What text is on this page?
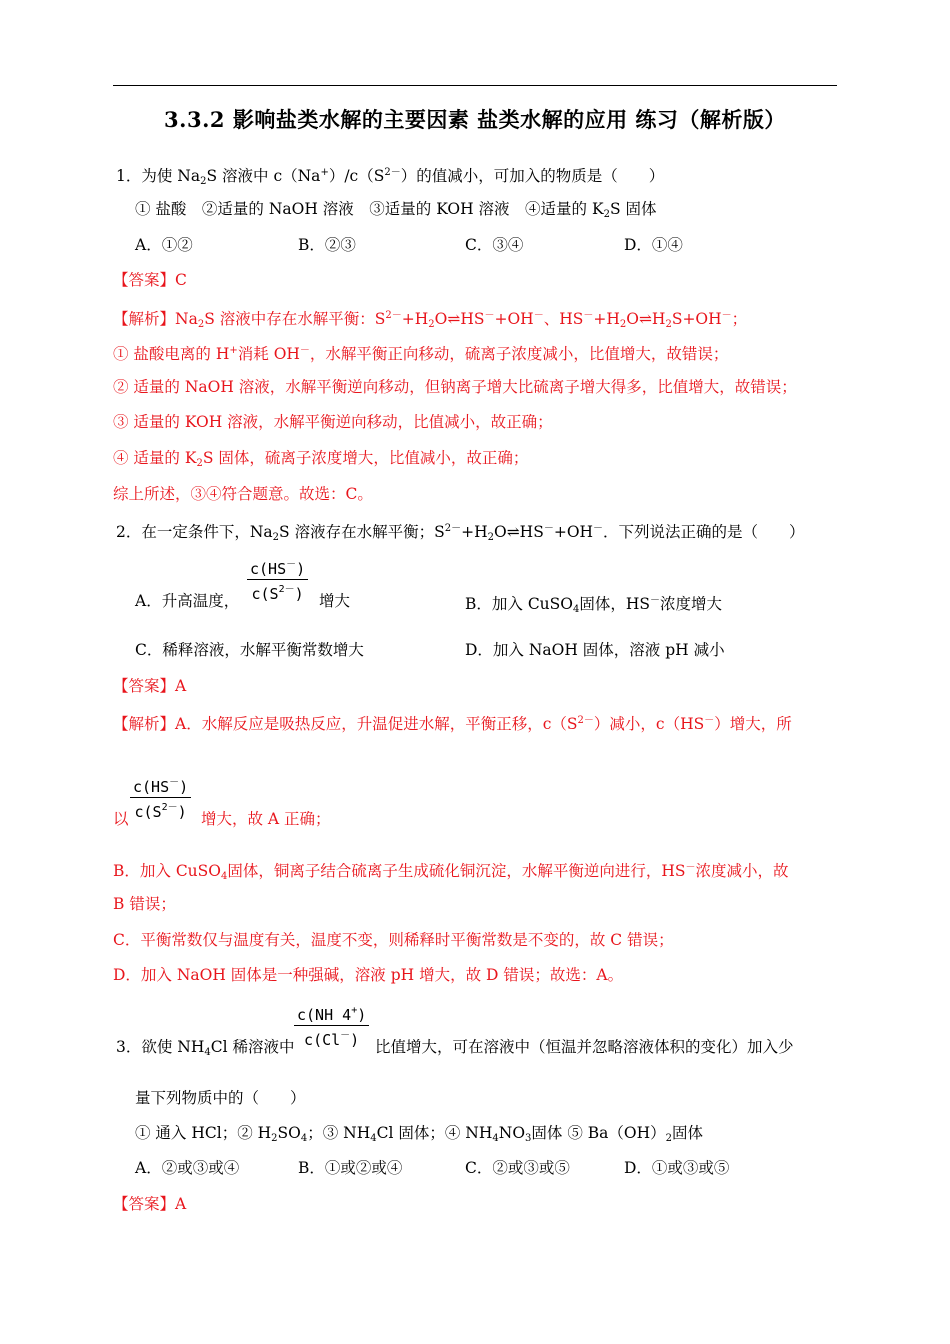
3.3.2 影响盐类水解的主要因素 盐类水解的应用 练习（解析版）
1．为使 $Na_2S$ 溶液中 $c(Na^+)/c(S^{2-})$的值减小，可加入的物质是（　　）
① 盐酸　②适量的 NaOH 溶液　③适量的 KOH 溶液　④适量的 $K_2S$ 固体
A．①②	B．②③	C．③④	D．①④
【答案】C
【解析】$Na_2S$ 溶液中存在水解平衡：$S^{2-}+H_2O\rightleftharpoons HS^-+OH^-$、$HS^-+H_2O\rightleftharpoons H_2S+OH^-$；
① 盐酸电离的 H+消耗 OH－，水解平衡正向移动，硫离子浓度减小，比值增大，故错误；
② 适量的 NaOH 溶液，水解平衡逆向移动，但钠离子增大比硫离子增大得多，比值增大，故错误；
③ 适量的 KOH 溶液，水解平衡逆向移动，比值减小，故正确；
④ 适量的 $K_2S$ 固体，硫离子浓度增大，比值减小，故正确；
综上所述，③④符合题意。故选：C。
2．在一定条件下，$Na_2S$ 溶液存在水解平衡；$S^{2-}+H_2O\rightleftharpoons HS^-+OH^-$．下列说法正确的是（　　）
A．升高温度，
c(HS－)
$c(S^{2-})$ 增大	B．加入 CuSO$_4$固体，HS－浓度增大
C．稀释溶液，水解平衡常数增大	D．加入 NaOH 固体，溶液 pH 减小
【答案】A
【解析】A．水解反应是吸热反应，升温促进水解，平衡正移，$c(S^{2-})$减小，c（HS－）增大，所
以
c(HS－)
$c(S^{2-})$ 增大，故 A 正确；
B．加入 CuSO$_4$固体，铜离子结合硫离子生成硫化铜沉淀，水解平衡逆向进行，HS－浓度减小，故
B 错误；
C．平衡常数仅与温度有关，温度不变，则稀释时平衡常数是不变的，故 C 错误；
D．加入 NaOH 固体是一种强碱，溶液 pH 增大，故 D 错误；故选：A。
3．欲使 $NH_4Cl$ 稀溶液中
c(NH 4+)
c(Cl－)	比值增大，可在溶液中（恒温并忽略溶液体积的变化）加入少
量下列物质中的（　　）
① 通入 HCl；② $H_2SO_4$；③ $NH_4Cl$ 固体；④ $NH_4NO_3$固体 ⑤ $Ba(OH)_2$固体
A．②或③或④	B．①或②或④	C．②或③或⑤	D．①或③或⑤
【答案】A
